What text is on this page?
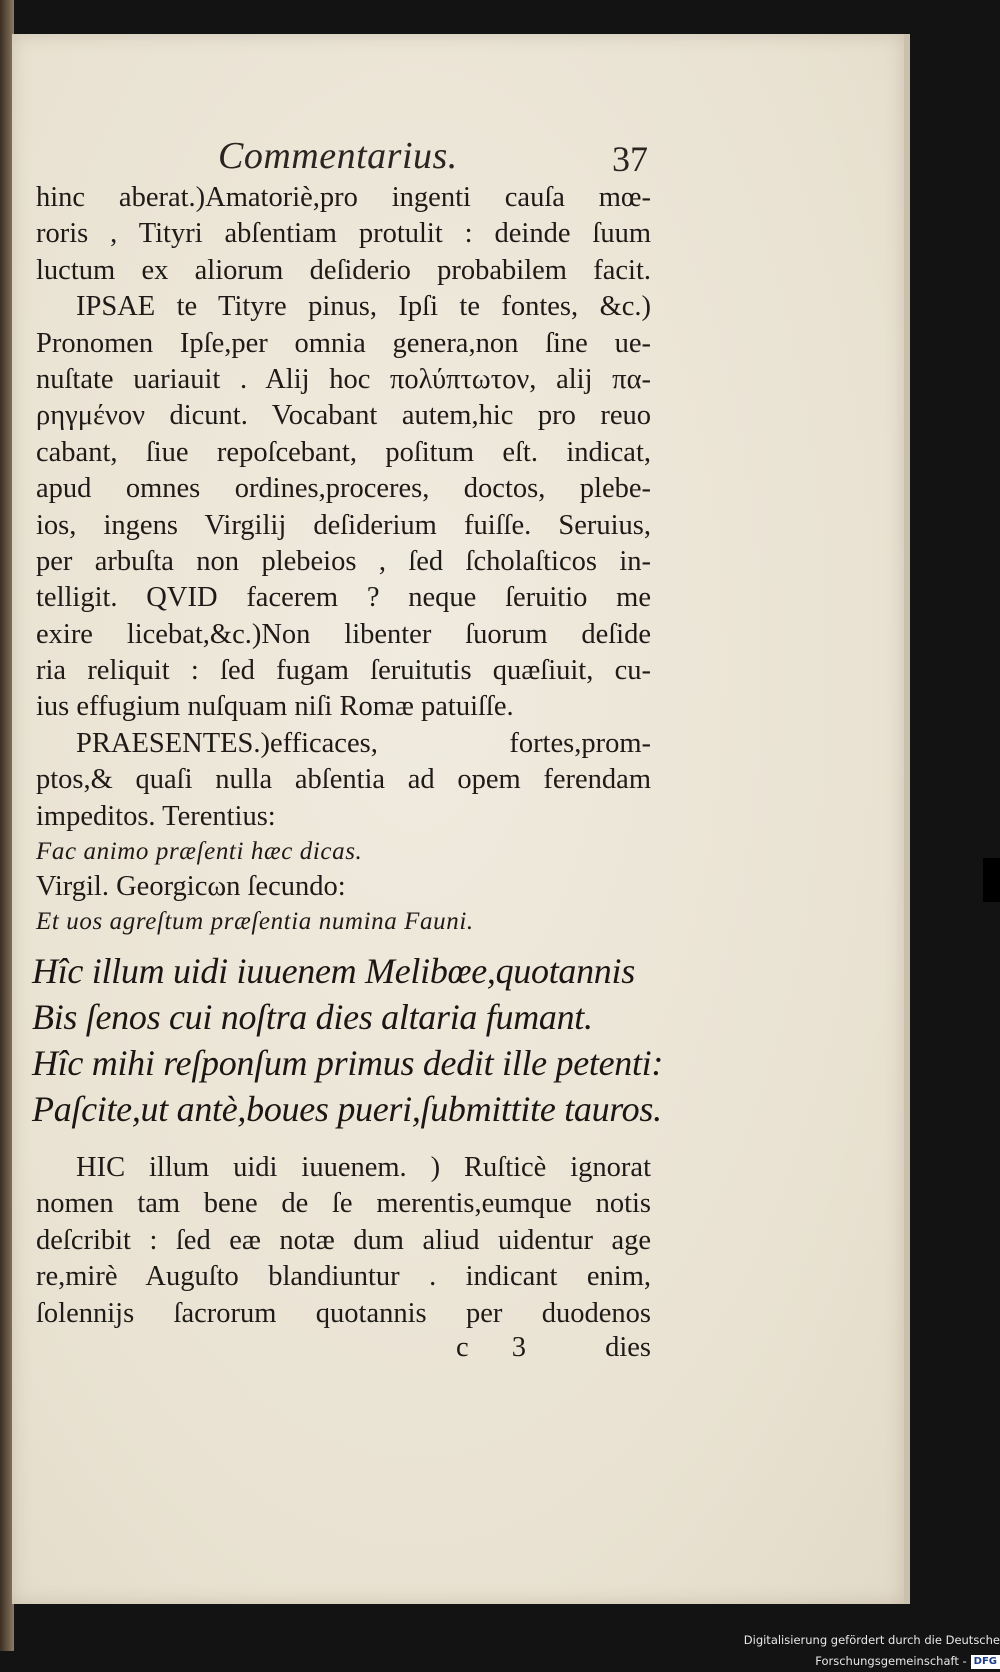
Commentarius.	37
hinc aberat.)Amatoriè,pro ingenti cauſa mœ-
roris , Tityri abſentiam protulit : deinde ſuum
luctum ex aliorum deſiderio probabilem facit.
IPSAE te Tityre pinus, Ipſi te fontes, &c.)
Pronomen Ipſe,per omnia genera,non ſine ue-
nuſtate uariauit . Alij hoc πολύπτωτον, alij πα-
ρηγμένον dicunt. Vocabant autem,hic pro reuo
cabant, ſiue repoſcebant, poſitum eſt. indicat,
apud omnes ordines,proceres, doctos, plebe-
ios, ingens Virgilij deſiderium fuiſſe. Seruius,
per arbuſta non plebeios , ſed ſcholaſticos in-
telligit. QVID facerem ? neque ſeruitio me
exire licebat,&c.)Non libenter ſuorum deſide
ria reliquit : ſed fugam ſeruitutis quæſiuit, cu-
ius effugium nuſquam niſi Romæ patuiſſe.
PRAESENTES.)efficaces, fortes,prom-
ptos,& quaſi nulla abſentia ad opem ferendam
impeditos. Terentius:
Fac animo præſenti hæc dicas.
Virgil. Georgicωn ſecundo:
Et uos agreſtum præſentia numina Fauni.
Hîc illum uidi iuuenem Melibœe,quotannis
Bis ſenos cui noſtra dies altaria fumant.
Hîc mihi reſponſum primus dedit ille petenti:
Paſcite,ut antè,boues pueri,ſubmittite tauros.
HIC illum uidi iuuenem. ) Ruſticè ignorat
nomen tam bene de ſe merentis,eumque notis
deſcribit : ſed eæ notæ dum aliud uidentur age
re,mirè Auguſto blandiuntur . indicant enim,
ſolennijs ſacrorum quotannis per duodenos
c 3 dies
Digitalisierung gefördert durch die Deutsche Forschungsgemeinschaft - DFG
